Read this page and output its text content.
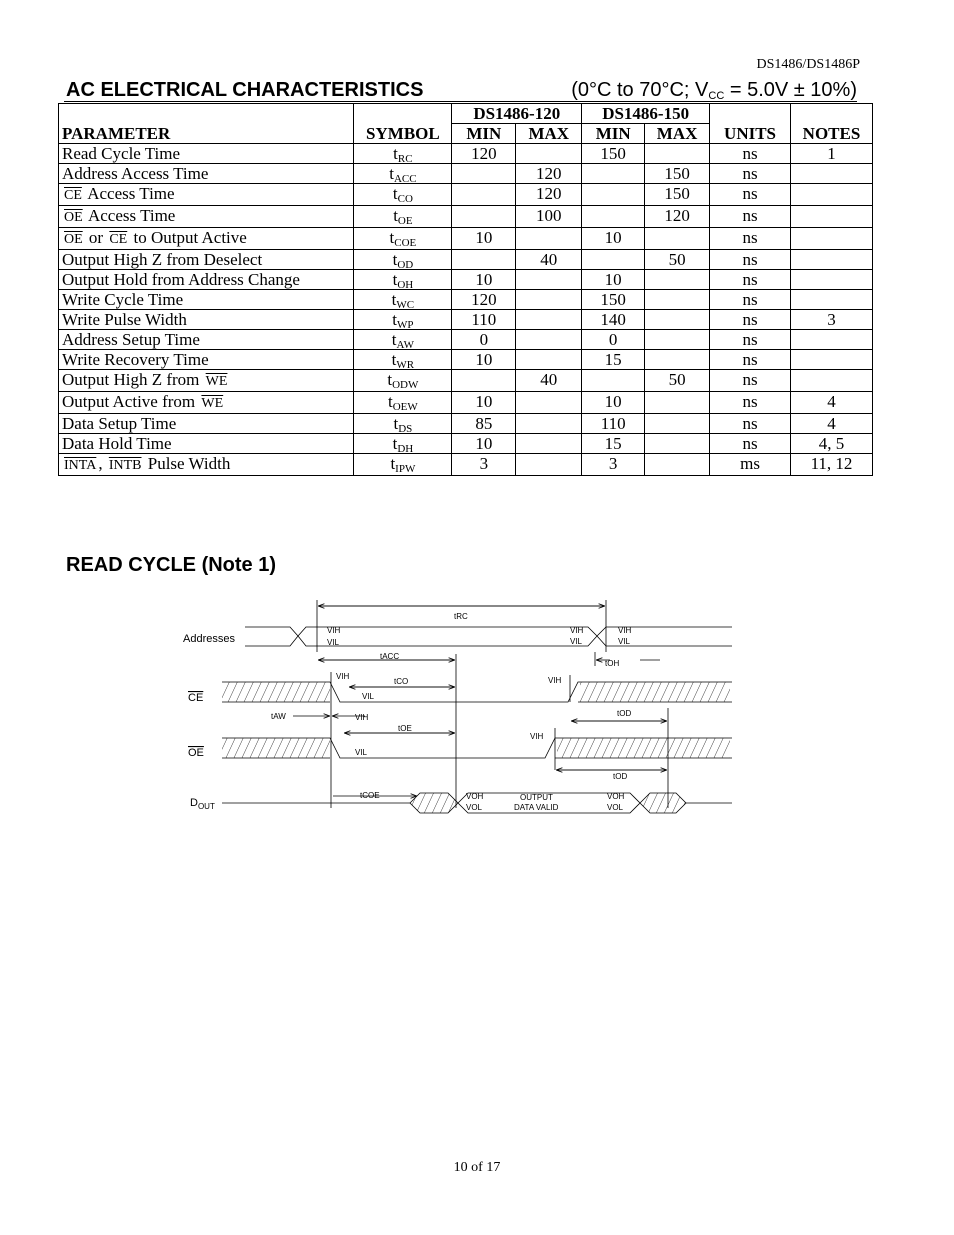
DS1486/DS1486P
AC ELECTRICAL CHARACTERISTICS	(0°C to 70°C; $V_{CC} = 5.0V \pm 10\%$)
PARAMETER	SYMBOL	DS1486-120		DS1486-150		UNITS	NOTES
		MIN	MAX	MIN	MAX		
Read Cycle Time	$t_{RC}$	120		150		ns	1
Address Access Time	$t_{ACC}$		120		150	ns	
$\overline{CE}$ Access Time	$t_{CO}$		120		150	ns	
$\overline{OE}$ Access Time	$t_{OE}$		100		120	ns	
$\overline{OE}$ or $\overline{CE}$ to Output Active	$t_{COE}$	10		10		ns	
Output High Z from Deselect	$t_{OD}$		40		50	ns	
Output Hold from Address Change	$t_{OH}$	10		10		ns	
Write Cycle Time	$t_{WC}$	120		150		ns	
Write Pulse Width	$t_{WP}$	110		140		ns	3
Address Setup Time	$t_{AW}$	0		0		ns	
Write Recovery Time	$t_{WR}$	10		15		ns	
Output High Z from $\overline{WE}$	$t_{ODW}$		40		50	ns	
Output Active from $\overline{WE}$	$t_{OEW}$	10		10		ns	4
Data Setup Time	$t_{DS}$	85		110		ns	4
Data Hold Time	$t_{DH}$	10		15		ns	4, 5
INTA , INTB Pulse Width	$t_{IPW}$	3		3		ms	11, 12
READ CYCLE (Note 1)
Addresses
CE
OE
$D_{OUT}$
tRC
tACC
tCO
tAW
tOE
tCOE
tOH
tOD
tOD
VIH
VIL
VIH
VIL
VIH
VIL
VIH
VIL
VIH
VIH
VIL
VIH
VOH
VOL
VOH
VOL
OUTPUT
DATA VALID
10 of 17
